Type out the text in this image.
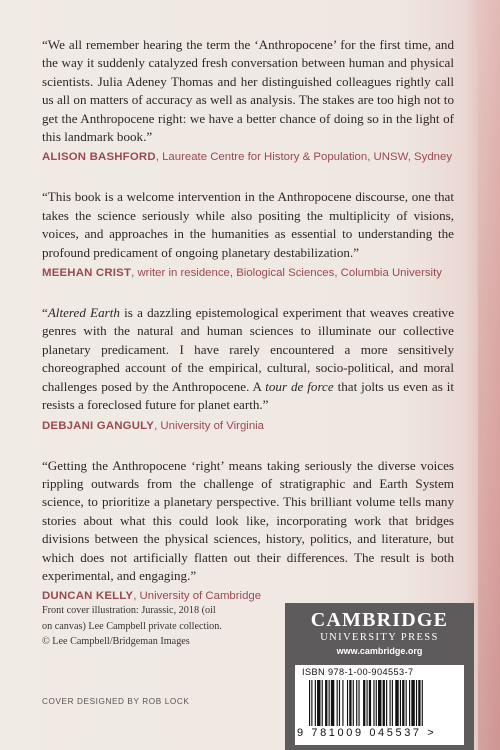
“We all remember hearing the term the ‘Anthropocene’ for the first time, and the way it suddenly catalyzed fresh conversation between human and physical scientists. Julia Adeney Thomas and her distinguished colleagues rightly call us all on matters of accuracy as well as analysis. The stakes are too high not to get the Anthropocene right: we have a better chance of doing so in the light of this landmark book.”

ALISON BASHFORD, Laureate Centre for History & Population, UNSW, Sydney

“This book is a welcome intervention in the Anthropocene discourse, one that takes the science seriously while also positing the multiplicity of visions, voices, and approaches in the humanities as essential to understanding the profound predicament of ongoing planetary destabilization.”

MEEHAN CRIST, writer in residence, Biological Sciences, Columbia University

“Altered Earth is a dazzling epistemological experiment that weaves creative genres with the natural and human sciences to illuminate our collective planetary predicament. I have rarely encountered a more sensitively choreographed account of the empirical, cultural, socio-political, and moral challenges posed by the Anthropocene. A tour de force that jolts us even as it resists a foreclosed future for planet earth.”

DEBJANI GANGULY, University of Virginia

“Getting the Anthropocene ‘right’ means taking seriously the diverse voices rippling outwards from the challenge of stratigraphic and Earth System science, to prioritize a planetary perspective. This brilliant volume tells many stories about what this could look like, incorporating work that bridges divisions between the physical sciences, history, politics, and literature, but which does not artificially flatten out their differences. The result is both experimental, and engaging.”

DUNCAN KELLY, University of Cambridge
Front cover illustration: Jurassic, 2018 (oil
on canvas) Lee Campbell private collection.
© Lee Campbell/Bridgeman Images
COVER DESIGNED BY ROB LOCK
CAMBRIDGE
UNIVERSITY PRESS
www.cambridge.org
ISBN 978-1-00-904553-7
9 781009 045537 >
